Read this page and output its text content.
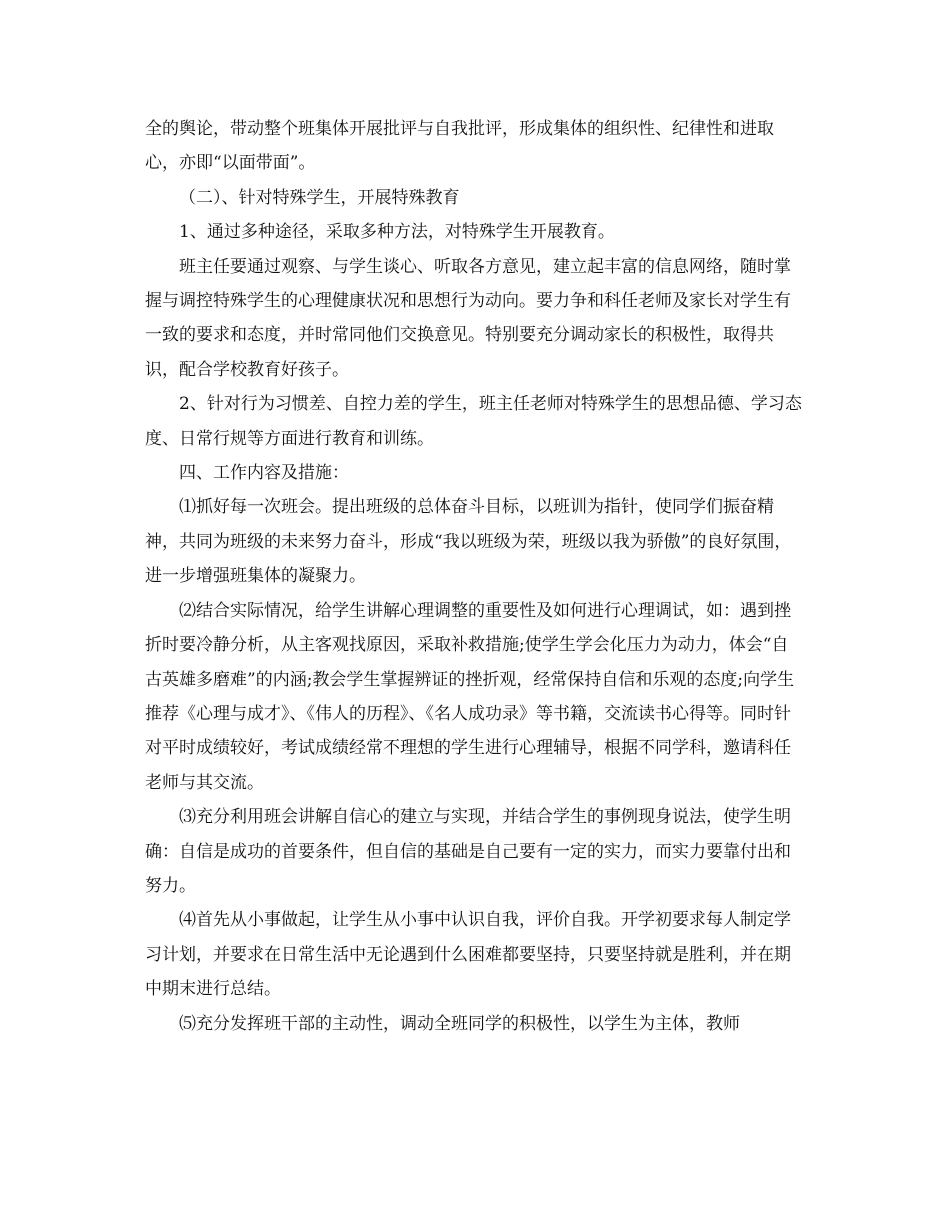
全的舆论，带动整个班集体开展批评与自我批评，形成集体的组织性、纪律性和进取心，亦即“以面带面”。

（二）、针对特殊学生，开展特殊教育

1、通过多种途径，采取多种方法，对特殊学生开展教育。

班主任要通过观察、与学生谈心、听取各方意见，建立起丰富的信息网络，随时掌握与调控特殊学生的心理健康状况和思想行为动向。要力争和科任老师及家长对学生有一致的要求和态度，并时常同他们交换意见。特别要充分调动家长的积极性，取得共识，配合学校教育好孩子。

2、针对行为习惯差、自控力差的学生，班主任老师对特殊学生的思想品德、学习态度、日常行规等方面进行教育和训练。

四、工作内容及措施：

⑴抓好每一次班会。提出班级的总体奋斗目标，以班训为指针，使同学们振奋精神，共同为班级的未来努力奋斗，形成“我以班级为荣，班级以我为骄傲”的良好氛围，进一步增强班集体的凝聚力。

⑵结合实际情况，给学生讲解心理调整的重要性及如何进行心理调试，如：遇到挫折时要冷静分析，从主客观找原因，采取补救措施;使学生学会化压力为动力，体会“自古英雄多磨难”的内涵;教会学生掌握辨证的挫折观，经常保持自信和乐观的态度;向学生推荐《心理与成才》、《伟人的历程》、《名人成功录》等书籍，交流读书心得等。同时针对平时成绩较好，考试成绩经常不理想的学生进行心理辅导，根据不同学科，邀请科任老师与其交流。

⑶充分利用班会讲解自信心的建立与实现，并结合学生的事例现身说法，使学生明确：自信是成功的首要条件，但自信的基础是自己要有一定的实力，而实力要靠付出和努力。

⑷首先从小事做起，让学生从小事中认识自我，评价自我。开学初要求每人制定学习计划，并要求在日常生活中无论遇到什么困难都要坚持，只要坚持就是胜利，并在期中期末进行总结。

⑸充分发挥班干部的主动性，调动全班同学的积极性，以学生为主体，教师
